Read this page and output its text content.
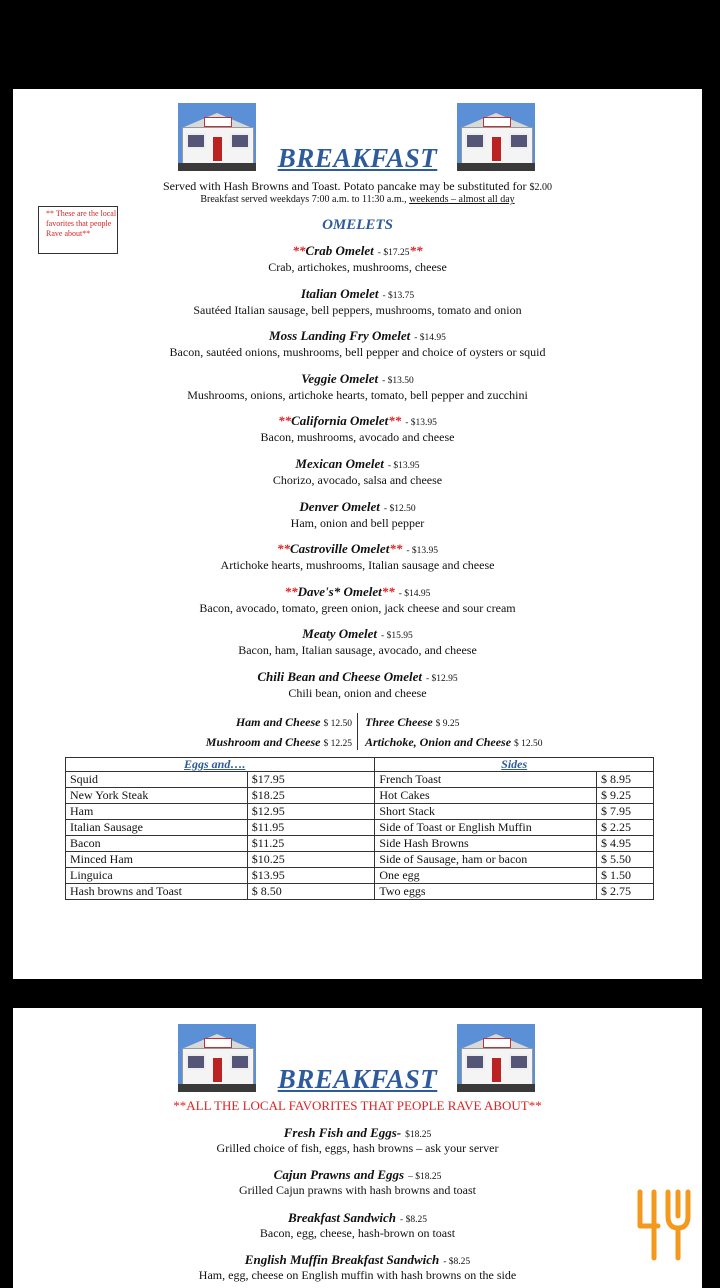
BREAKFAST
Served with Hash Browns and Toast. Potato pancake may be substituted for $2.00
Breakfast served weekdays 7:00 a.m. to 11:30 a.m., weekends – almost all day
** These are the local favorites that people Rave about**
OMELETS
**Crab Omelet - $17.25**
Crab, artichokes, mushrooms, cheese
Italian Omelet - $13.75
Sautéed Italian sausage, bell peppers, mushrooms, tomato and onion
Moss Landing Fry Omelet - $14.95
Bacon, sautéed onions, mushrooms, bell pepper and choice of oysters or squid
Veggie Omelet - $13.50
Mushrooms, onions, artichoke hearts, tomato, bell pepper and zucchini
**California Omelet** - $13.95
Bacon, mushrooms, avocado and cheese
Mexican Omelet - $13.95
Chorizo, avocado, salsa and cheese
Denver Omelet - $12.50
Ham, onion and bell pepper
**Castroville Omelet** - $13.95
Artichoke hearts, mushrooms, Italian sausage and cheese
**Dave's* Omelet** - $14.95
Bacon, avocado, tomato, green onion, jack cheese and sour cream
Meaty Omelet - $15.95
Bacon, ham, Italian sausage, avocado, and cheese
Chili Bean and Cheese Omelet - $12.95
Chili bean, onion and cheese
Ham and Cheese $ 12.50 Three Cheese $ 9.25
Mushroom and Cheese $ 12.25 Artichoke, Onion and Cheese $ 12.50
Eggs and….		Sides	
Squid	$17.95	French Toast	$ 8.95
New York Steak	$18.25	Hot Cakes	$ 9.25
Ham	$12.95	Short Stack	$ 7.95
Italian Sausage	$11.95	Side of Toast or English Muffin	$ 2.25
Bacon	$11.25	Side Hash Browns	$ 4.95
Minced Ham	$10.25	Side of Sausage, ham or bacon	$ 5.50
Linguica	$13.95	One egg	$ 1.50
Hash browns and Toast	$ 8.50	Two eggs	$ 2.75
BREAKFAST
**ALL THE LOCAL FAVORITES THAT PEOPLE RAVE ABOUT**
Fresh Fish and Eggs- $18.25
Grilled choice of fish, eggs, hash browns – ask your server
Cajun Prawns and Eggs – $18.25
Grilled Cajun prawns with hash browns and toast
Breakfast Sandwich - $8.25
Bacon, egg, cheese, hash-brown on toast
English Muffin Breakfast Sandwich - $8.25
Ham, egg, cheese on English muffin with hash browns on the side
